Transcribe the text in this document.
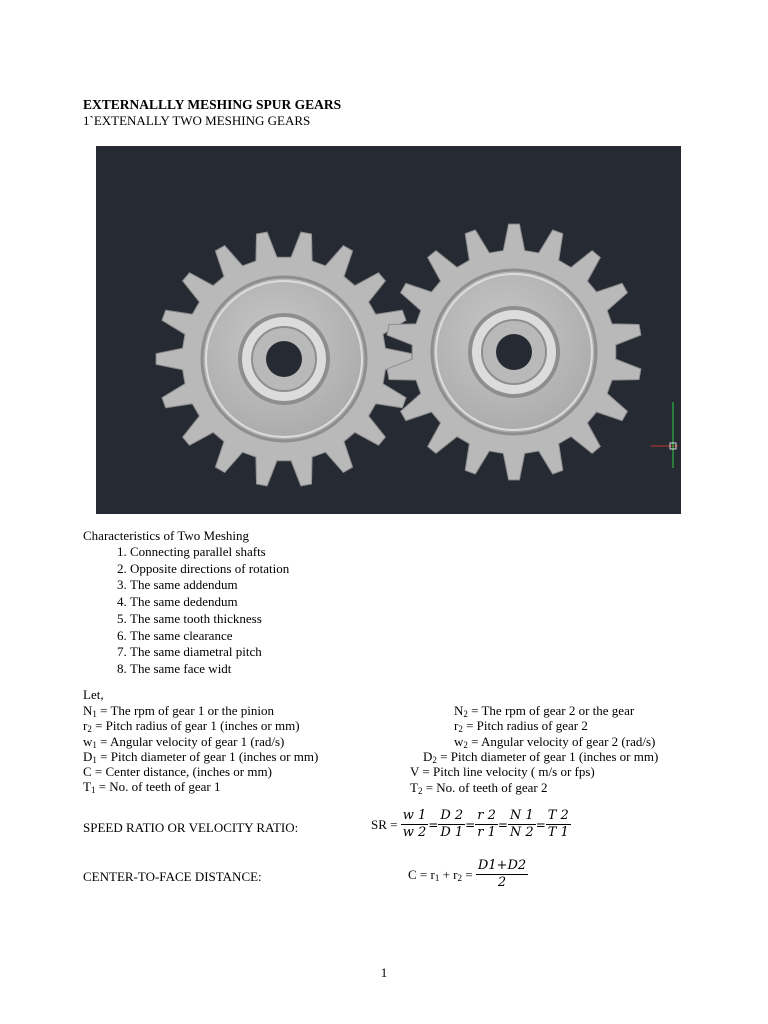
EXTERNALLLY MESHING SPUR GEARS
1`EXTENALLY TWO MESHING GEARS
Characteristics of Two Meshing
1. Connecting parallel shafts
2. Opposite directions of rotation
3. The same addendum
4. The same dedendum
5. The same tooth thickness
6. The same clearance
7. The same diametral pitch
8. The same face widt
Let,
$N_1$ = The rpm of gear 1 or the pinion
$r_2$ = Pitch radius of gear 1 (inches or mm)
$w_1$ = Angular velocity of gear 1 (rad/s)
$D_1$ = Pitch diameter of gear 1 (inches or mm)
C = Center distance, (inches or mm)
$T_1 = No$. of teeth of gear 1
$N_2$ = The rpm of gear 2 or the gear
$r_2$ = Pitch radius of gear 2
$w_2$ = Angular velocity of gear 2 (rad/s)
$D_2$ = Pitch diameter of gear 1 (inches or mm)
V = Pitch line velocity ( m/s or fps)
$T_2 = No$. of teeth of gear 2
SPEED RATIO OR VELOCITY RATIO:	SR = $\frac{w 1}{w 2} = \frac{D 2}{D 1} = \frac{r 2}{r 1} = \frac{N 1}{N 2} = \frac{T 2}{T 1}$
CENTER-TO-FACE DISTANCE:	$C = r_1 + r_2 = \frac{D1+D2}{2}$
1
